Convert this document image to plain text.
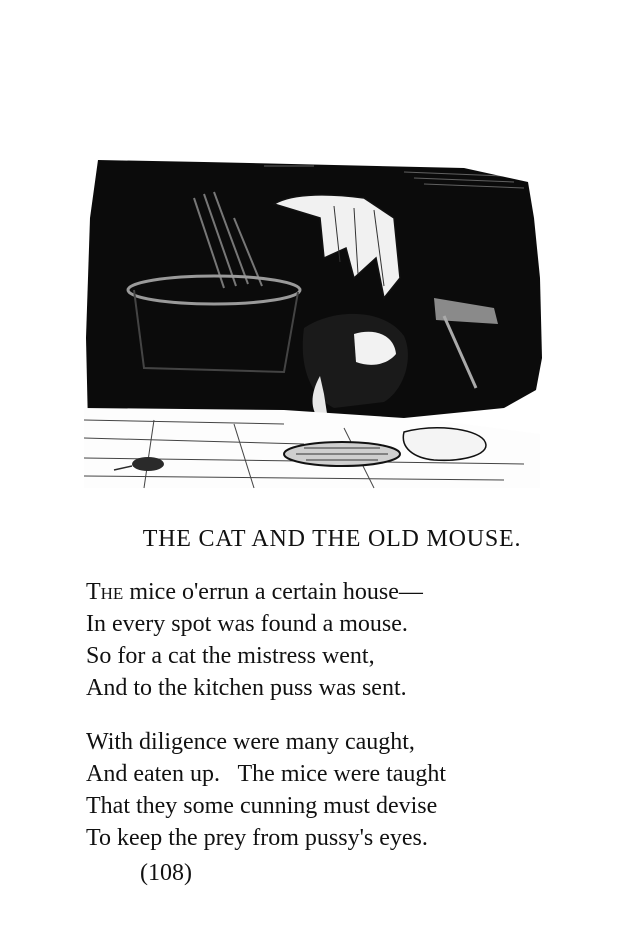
THE CAT AND THE OLD MOUSE.
The mice o'errun a certain house—
In every spot was found a mouse.
So for a cat the mistress went,
And to the kitchen puss was sent.
With diligence were many caught,
And eaten up.   The mice were taught
That they some cunning must devise
To keep the prey from pussy's eyes.
(108)
